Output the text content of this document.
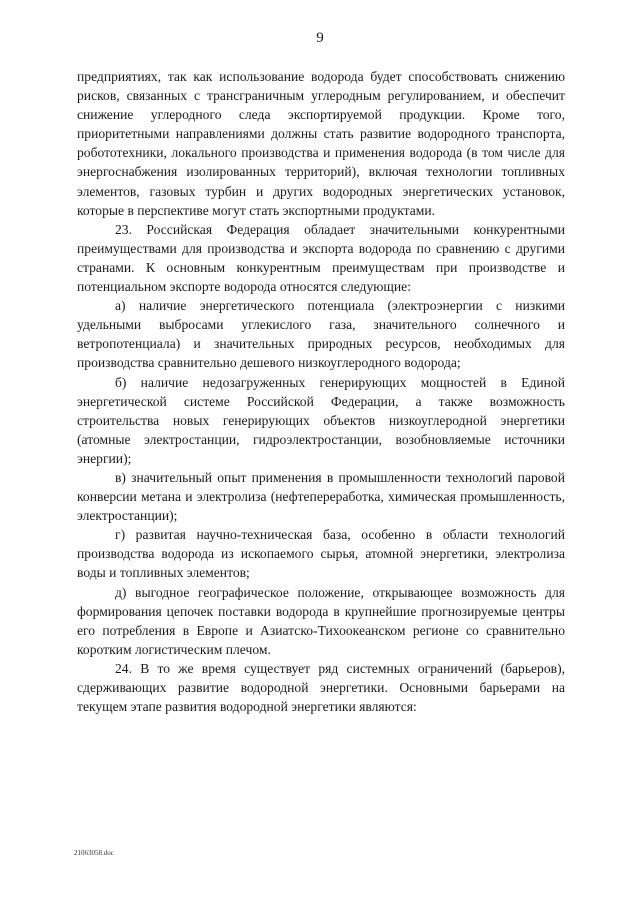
9

предприятиях, так как использование водорода будет способствовать снижению рисков, связанных с трансграничным углеродным регулированием, и обеспечит снижение углеродного следа экспортируемой продукции. Кроме того, приоритетными направлениями должны стать развитие водородного транспорта, робототехники, локального производства и применения водорода (в том числе для энергоснабжения изолированных территорий), включая технологии топливных элементов, газовых турбин и других водородных энергетических установок, которые в перспективе могут стать экспортными продуктами.

23. Российская Федерация обладает значительными конкурентными преимуществами для производства и экспорта водорода по сравнению с другими странами. К основным конкурентным преимуществам при производстве и потенциальном экспорте водорода относятся следующие:

а) наличие энергетического потенциала (электроэнергии с низкими удельными выбросами углекислого газа, значительного солнечного и ветропотенциала) и значительных природных ресурсов, необходимых для производства сравнительно дешевого низкоуглеродного водорода;

б) наличие недозагруженных генерирующих мощностей в Единой энергетической системе Российской Федерации, а также возможность строительства новых генерирующих объектов низкоуглеродной энергетики (атомные электростанции, гидроэлектростанции, возобновляемые источники энергии);

в) значительный опыт применения в промышленности технологий паровой конверсии метана и электролиза (нефтепереработка, химическая промышленность, электростанции);

г) развитая научно-техническая база, особенно в области технологий производства водорода из ископаемого сырья, атомной энергетики, электролиза воды и топливных элементов;

д) выгодное географическое положение, открывающее возможность для формирования цепочек поставки водорода в крупнейшие прогнозируемые центры его потребления в Европе и Азиатско-Тихоокеанском регионе со сравнительно коротким логистическим плечом.

24. В то же время существует ряд системных ограничений (барьеров), сдерживающих развитие водородной энергетики. Основными барьерами на текущем этапе развития водородной энергетики являются:

21063058.doc
